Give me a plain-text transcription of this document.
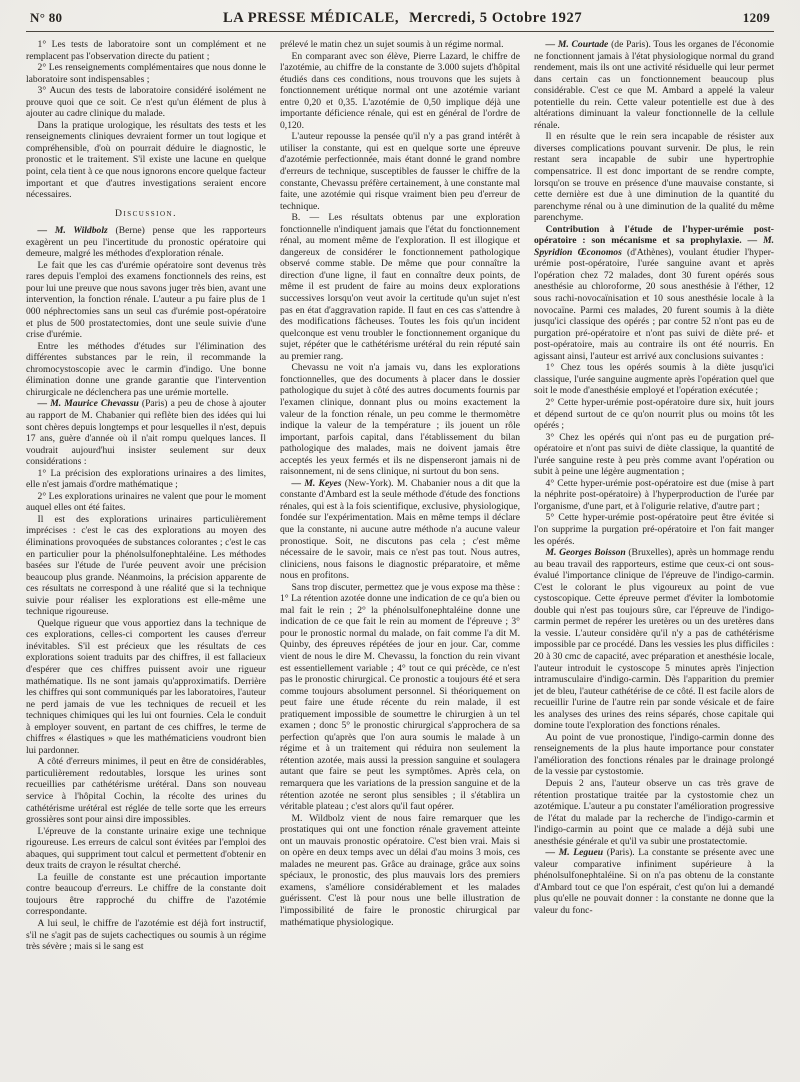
N° 80	LA PRESSE MÉDICALE, Mercredi, 5 Octobre 1927	1209

1° Les tests de laboratoire sont un complément et ne remplacent pas l'observation directe du patient ;

2° Les renseignements complémentaires que nous donne le laboratoire sont indispensables ;

3° Aucun des tests de laboratoire considéré isolément ne prouve quoi que ce soit. Ce n'est qu'un élément de plus à ajouter au cadre clinique du malade.

Dans la pratique urologique, les résultats des tests et les renseignements cliniques devraient former un tout logique et compréhensible, d'où on pourrait déduire le diagnostic, le pronostic et le traitement. S'il existe une lacune en quelque point, cela tient à ce que nous ignorons encore quelque facteur important et que d'autres investigations seraient encore nécessaires.

Discussion.

— M. Wildbolz (Berne) pense que les rapporteurs exagèrent un peu l'incertitude du pronostic opératoire qui demeure, malgré les méthodes d'exploration rénale.

Le fait que les cas d'urémie opératoire sont devenus très rares depuis l'emploi des examens fonctionnels des reins, est pour lui une preuve que nous savons juger très bien, avant une intervention, la fonction rénale. L'auteur a pu faire plus de 1 000 néphrectomies sans un seul cas d'urémie post-opératoire et plus de 500 prostatectomies, dont une seule suivie d'une crise d'urémie.

Entre les méthodes d'études sur l'élimination des différentes substances par le rein, il recommande la chromocystoscopie avec le carmin d'indigo. Une bonne élimination donne une grande garantie que l'intervention chirurgicale ne déclenchera pas une urémie mortelle.

— M. Maurice Chevassu (Paris) a peu de chose à ajouter au rapport de M. Chabanier qui reflète bien des idées qui lui sont chères depuis longtemps et pour lesquelles il n'est, depuis 17 ans, guère d'année où il n'ait rompu quelques lances. Il voudrait aujourd'hui insister seulement sur deux considérations :

1° La précision des explorations urinaires a des limites, elle n'est jamais d'ordre mathématique ;

2° Les explorations urinaires ne valent que pour le moment auquel elles ont été faites.

Il est des explorations urinaires particulièrement imprécises : c'est le cas des explorations au moyen des éliminations provoquées de substances colorantes ; c'est le cas en particulier pour la phénolsulfonephtaléine. Les méthodes basées sur l'étude de l'urée peuvent avoir une précision beaucoup plus grande. Néanmoins, la précision apparente de ces résultats ne correspond à une réalité que si la technique suivie pour réaliser les explorations est elle-même une technique rigoureuse.

Quelque rigueur que vous apportiez dans la technique de ces explorations, celles-ci comportent les causes d'erreur inévitables. S'il est précieux que les résultats de ces explorations soient traduits par des chiffres, il est fallacieux d'espérer que ces chiffres puissent avoir une rigueur mathématique. Ils ne sont jamais qu'approximatifs. Derrière les chiffres qui sont communiqués par les laboratoires, l'auteur ne perd jamais de vue les techniques de recueil et les techniques chimiques qui les lui ont fournies. Cela le conduit à employer souvent, en partant de ces chiffres, le terme de chiffres « élastiques » que les mathématiciens voudront bien lui pardonner.

A côté d'erreurs minimes, il peut en être de considérables, particulièrement redoutables, lorsque les urines sont recueillies par cathétérisme urétéral. Dans son nouveau service à l'hôpital Cochin, la récolte des urines du cathétérisme urétéral est réglée de telle sorte que les erreurs grossières sont pour ainsi dire impossibles.

L'épreuve de la constante urinaire exige une technique rigoureuse. Les erreurs de calcul sont évitées par l'emploi des abaques, qui suppriment tout calcul et permettent d'obtenir en deux traits de crayon le résultat cherché.

La feuille de constante est une précaution importante contre beaucoup d'erreurs. Le chiffre de la constante doit toujours être rapproché du chiffre de l'azotémie correspondante.

A lui seul, le chiffre de l'azotémie est déjà fort instructif, s'il ne s'agit pas de sujets cachectiques ou soumis à un régime très sévère ; mais si le sang est

prélevé le matin chez un sujet soumis à un régime normal.

En comparant avec son élève, Pierre Lazard, le chiffre de l'azotémie, au chiffre de la constante de 3.000 sujets d'hôpital étudiés dans ces conditions, nous trouvons que les sujets à fonctionnement urétique normal ont une azotémie variant entre 0,20 et 0,35. L'azotémie de 0,50 implique déjà une importante déficience rénale, qui est en général de l'ordre de 0,120.

L'auteur repousse la pensée qu'il n'y a pas grand intérêt à utiliser la constante, qui est en quelque sorte une épreuve d'azotémie perfectionnée, mais étant donné le grand nombre d'erreurs de technique, susceptibles de fausser le chiffre de la constante, Chevassu préfère certainement, à une constante mal faite, une azotémie qui risque vraiment bien peu d'erreur de technique.

B. — Les résultats obtenus par une exploration fonctionnelle n'indiquent jamais que l'état du fonctionnement rénal, au moment même de l'exploration. Il est illogique et dangereux de considérer le fonctionnement pathologique observé comme stable. De même que pour connaître la direction d'une ligne, il faut en connaître deux points, de même il est prudent de faire au moins deux explorations successives lorsqu'on veut avoir la certitude qu'un sujet n'est pas en état d'aggravation rapide. Il faut en ces cas s'attendre à des modifications fâcheuses. Toutes les fois qu'un incident quelconque est venu troubler le fonctionnement organique du sujet, répéter que le cathétérisme urétéral du rein réputé sain au premier rang.

Chevassu ne voit n'a jamais vu, dans les explorations fonctionnelles, que des documents à placer dans le dossier pathologique du sujet à côté des autres documents fournis par l'examen clinique, donnant plus ou moins exactement la valeur de la fonction rénale, un peu comme le thermomètre indique la valeur de la température ; ils jouent un rôle important, parfois capital, dans l'établissement du bilan pathologique des malades, mais ne doivent jamais être acceptés les yeux fermés et ils ne dispenseront jamais ni de raisonnement, ni de sens clinique, ni surtout du bon sens.

— M. Keyes (New-York). M. Chabanier nous a dit que la constante d'Ambard est la seule méthode d'étude des fonctions rénales, qui est à la fois scientifique, exclusive, physiologique, fondée sur l'expérimentation. Mais en même temps il déclare que la constante, ni aucune autre méthode n'a aucune valeur pronostique. Soit, ne discutons pas cela ; c'est même nécessaire de le savoir, mais ce n'est pas tout. Nous autres, cliniciens, nous faisons le diagnostic préparatoire, et même nous en profitons.

Sans trop discuter, permettez que je vous expose ma thèse : 1° La rétention azotée donne une indication de ce qu'a bien ou mal fait le rein ; 2° la phénolsulfonephtaléine donne une indication de ce que fait le rein au moment de l'épreuve ; 3° pour le pronostic normal du malade, on fait comme l'a dit M. Quinby, des épreuves répétées de jour en jour. Car, comme vient de nous le dire M. Chevassu, la fonction du rein vivant est essentiellement variable ; 4° tout ce qui précède, ce n'est pas le pronostic chirurgical. Ce pronostic a toujours été et sera comme toujours absolument personnel. Si théoriquement on peut faire une étude récente du rein malade, il est pratiquement impossible de soumettre le chirurgien à un tel examen ; donc 5° le pronostic chirurgical s'approchera de sa perfection qu'après que l'on aura soumis le malade à un régime et à un traitement qui réduira non seulement la rétention azotée, mais aussi la pression sanguine et soulagera autant que faire se peut les symptômes. Après cela, on remarquera que les variations de la pression sanguine et de la rétention azotée ne seront plus sensibles ; il s'établira un véritable plateau ; c'est alors qu'il faut opérer.

M. Wildbolz vient de nous faire remarquer que les prostatiques qui ont une fonction rénale gravement atteinte ont un mauvais pronostic opératoire. C'est bien vrai. Mais si on opère en deux temps avec un délai d'au moins 3 mois, ces malades ne meurent pas. Grâce au drainage, grâce aux soins spéciaux, le pronostic, des plus mauvais lors des premiers examens, s'améliore considérablement et les malades guérissent. C'est là pour nous une belle illustration de l'impossibilité de faire le pronostic chirurgical par mathématique physiologique.

— M. Courtade (de Paris). Tous les organes de l'économie ne fonctionnent jamais à l'état physiologique normal du grand rendement, mais ils ont une activité résiduelle qui leur permet dans certain cas un fonctionnement beaucoup plus considérable. C'est ce que M. Ambard a appelé la valeur potentielle du rein. Cette valeur potentielle est due à des altérations diminuant la valeur fonctionnelle de la cellule rénale.

Il en résulte que le rein sera incapable de résister aux diverses complications pouvant survenir. De plus, le rein restant sera incapable de subir une hypertrophie compensatrice. Il est donc important de se rendre compte, lorsqu'on se trouve en présence d'une mauvaise constante, si cette dernière est due à une diminution de la quantité du parenchyme rénal ou à une diminution de la qualité du même parenchyme.

Contribution à l'étude de l'hyper-urémie post-opératoire : son mécanisme et sa prophylaxie. — M. Spyridion Œconomos (d'Athènes), voulant étudier l'hyper-urémie post-opératoire, l'urée sanguine avant et après l'opération chez 72 malades, dont 30 furent opérés sous anesthésie au chloroforme, 20 sous anesthésie à l'éther, 12 sous rachi-novocaïnisation et 10 sous anesthésie locale à la novocaïne. Parmi ces malades, 20 furent soumis à la diète jusqu'ici classique des opérés ; par contre 52 n'ont pas eu de purgation pré-opératoire et n'ont pas suivi de diète pré- et post-opératoire, mais au contraire ils ont été nourris. En agissant ainsi, l'auteur est arrivé aux conclusions suivantes :

1° Chez tous les opérés soumis à la diète jusqu'ici classique, l'urée sanguine augmente après l'opération quel que soit le mode d'anesthésie employé et l'opération exécutée ;

2° Cette hyper-urémie post-opératoire dure six, huit jours et dépend surtout de ce qu'on nourrit plus ou moins tôt les opérés ;

3° Chez les opérés qui n'ont pas eu de purgation pré-opératoire et n'ont pas suivi de diète classique, la quantité de l'urée sanguine reste à peu près comme avant l'opération ou subit à peine une légère augmentation ;

4° Cette hyper-urémie post-opératoire est due (mise à part la néphrite post-opératoire) à l'hyperproduction de l'urée par l'organisme, d'une part, et à l'oligurie relative, d'autre part ;

5° Cette hyper-urémie post-opératoire peut être évitée si l'on supprime la purgation pré-opératoire et l'on fait manger les opérés.

M. Georges Boisson (Bruxelles), après un hommage rendu au beau travail des rapporteurs, estime que ceux-ci ont sous-évalué l'importance clinique de l'épreuve de l'indigo-carmin. C'est le colorant le plus vigoureux au point de vue cystoscopique. Cette épreuve permet d'éviter la lombotomie double qui n'est pas toujours sûre, car l'épreuve de l'indigo-carmin permet de repérer les uretères ou un des uretères dans la vessie. L'auteur considère qu'il n'y a pas de cathétérisme impossible par ce procédé. Dans les vessies les plus difficiles : 20 à 30 cmc de capacité, avec préparation et anesthésie locale, l'auteur introduit le cystoscope 5 minutes après l'injection intramusculaire d'indigo-carmin. Dès l'apparition du premier jet de bleu, l'auteur cathétérise de ce côté. Il est facile alors de recueillir l'urine de l'autre rein par sonde vésicale et de faire les analyses des urines des reins séparés, chose capitale qui domine toute l'exploration des fonctions rénales.

Au point de vue pronostique, l'indigo-carmin donne des renseignements de la plus haute importance pour constater l'amélioration des fonctions rénales par le drainage prolongé de la vessie par cystostomie.

Depuis 2 ans, l'auteur observe un cas très grave de rétention prostatique traitée par la cystostomie chez un azotémique. L'auteur a pu constater l'amélioration progressive de l'état du malade par la recherche de l'indigo-carmin et l'indigo-carmin au point que ce malade a déjà subi une anesthésie générale et qu'il va subir une prostatectomie.

— M. Legueu (Paris). La constante se présente avec une valeur comparative infiniment supérieure à la phénolsulfonephtaléine. Si on n'a pas obtenu de la constante d'Ambard tout ce que l'on espérait, c'est qu'on lui a demandé plus qu'elle ne pouvait donner : la constante ne donne que la valeur du fonc-
